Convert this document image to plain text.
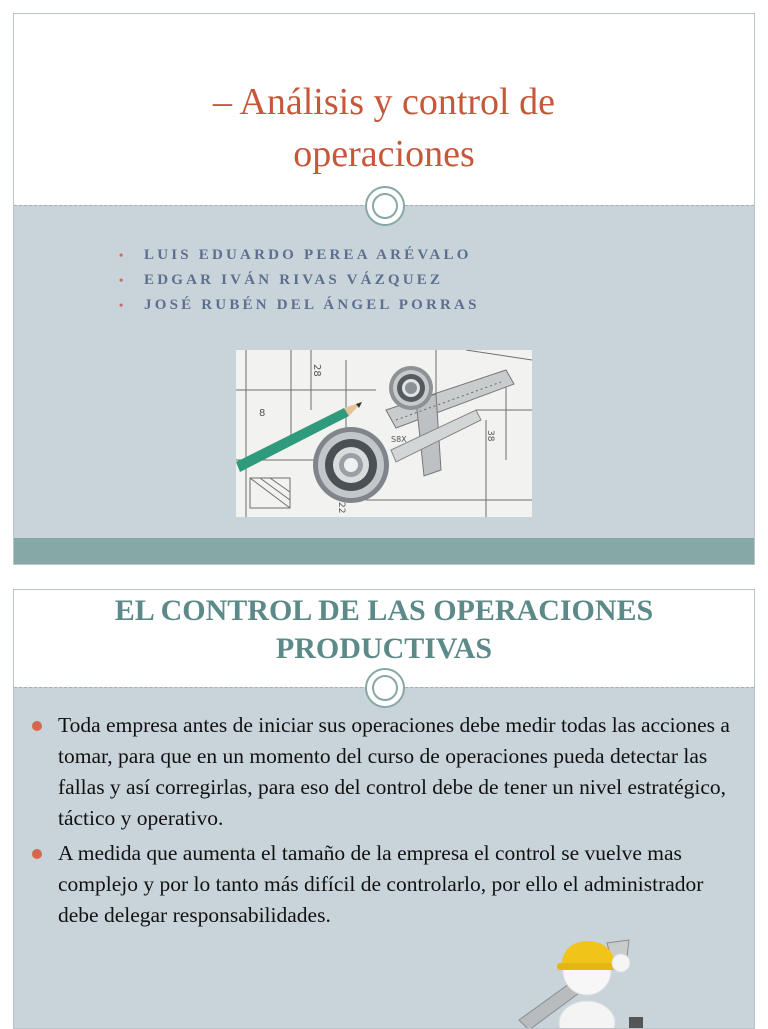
– Análisis y control de
operaciones
• LUIS EDUARDO PEREA ARÉVALO
• EDGAR IVÁN RIVAS VÁZQUEZ
• JOSÉ RUBÉN DEL ÁNGEL PORRAS
28
8
38
S8X
22
EL CONTROL DE LAS OPERACIONES
PRODUCTIVAS
Toda empresa antes de iniciar sus operaciones debe medir todas las acciones a tomar, para que en un momento del curso de operaciones pueda detectar las fallas y así corregirlas, para eso del control debe de tener un nivel estratégico, táctico y operativo.
A medida que aumenta el tamaño de la empresa el control se vuelve mas complejo y por lo tanto más difícil de controlarlo, por ello el administrador debe delegar responsabilidades.
